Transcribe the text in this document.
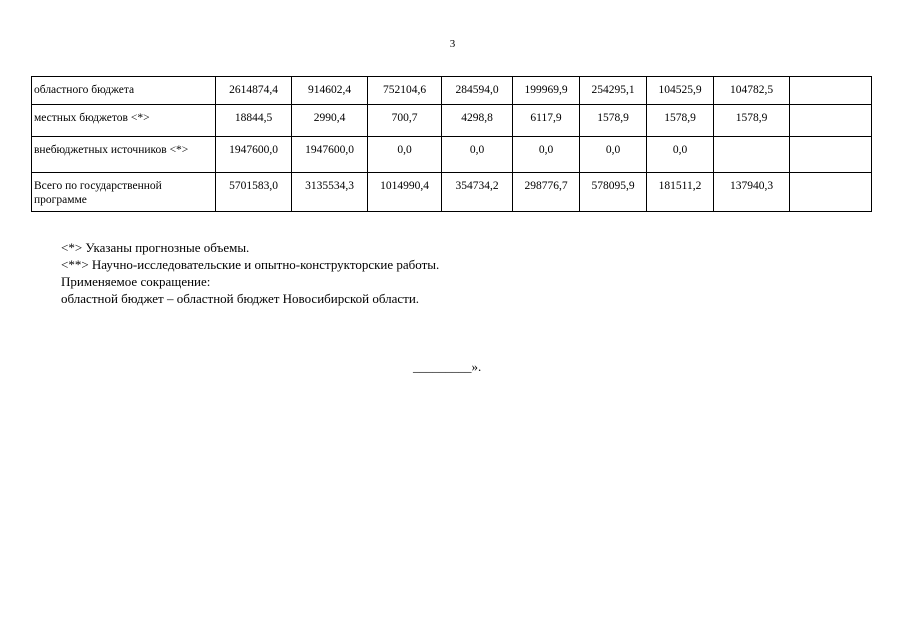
3
областного бюджета	2614874,4	914602,4	752104,6	284594,0	199969,9	254295,1	104525,9	104782,5	
местных бюджетов <*>	18844,5	2990,4	700,7	4298,8	6117,9	1578,9	1578,9	1578,9	
внебюджетных источников <*>	1947600,0	1947600,0	0,0	0,0	0,0	0,0	0,0		
Всего по государственной программе	5701583,0	3135534,3	1014990,4	354734,2	298776,7	578095,9	181511,2	137940,3	
<*> Указаны прогнозные объемы.
<**> Научно-исследовательские и опытно-конструкторские работы.
Применяемое сокращение:
областной бюджет – областной бюджет Новосибирской области.
_________».
